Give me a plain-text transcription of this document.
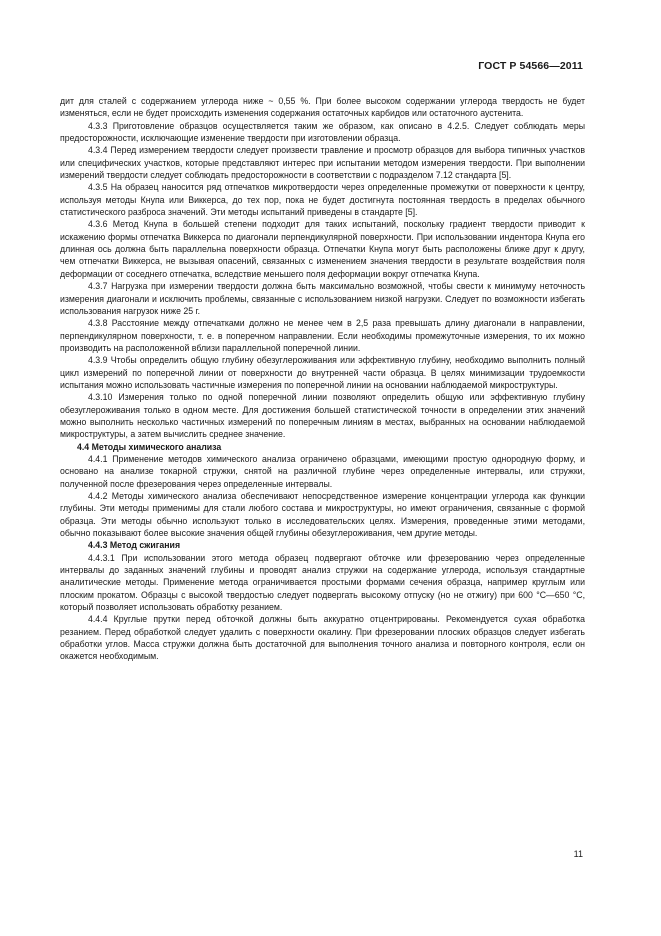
ГОСТ Р 54566—2011

дит для сталей с содержанием углерода ниже ~ 0,55 %. При более высоком содержании углерода твердость не будет изменяться, если не будет происходить изменения содержания остаточных карбидов или остаточного аустенита.

4.3.3 Приготовление образцов осуществляется таким же образом, как описано в 4.2.5. Следует соблюдать меры предосторожности, исключающие изменение твердости при изготовлении образца.

4.3.4 Перед измерением твердости следует произвести травление и просмотр образцов для выбора типичных участков или специфических участков, которые представляют интерес при испытании методом измерения твердости. При выполнении измерений твердости следует соблюдать предосторожности в соответствии с подразделом 7.12 стандарта [5].

4.3.5 На образец наносится ряд отпечатков микротвердости через определенные промежутки от поверхности к центру, используя методы Кнупа или Виккерса, до тех пор, пока не будет достигнута постоянная твердость в пределах обычного статистического разброса значений. Эти методы испытаний приведены в стандарте [5].

4.3.6 Метод Кнупа в большей степени подходит для таких испытаний, поскольку градиент твердости приводит к искажению формы отпечатка Виккерса по диагонали перпендикулярной поверхности. При использовании индентора Кнупа его длинная ось должна быть параллельна поверхности образца. Отпечатки Кнупа могут быть расположены ближе друг к другу, чем отпечатки Виккерса, не вызывая опасений, связанных с изменением значения твердости в результате воздействия поля деформации от соседнего отпечатка, вследствие меньшего поля деформации вокруг отпечатка Кнупа.

4.3.7 Нагрузка при измерении твердости должна быть максимально возможной, чтобы свести к минимуму неточность измерения диагонали и исключить проблемы, связанные с использованием низкой нагрузки. Следует по возможности избегать использования нагрузок ниже 25 г.

4.3.8 Расстояние между отпечатками должно не менее чем в 2,5 раза превышать длину диагонали в направлении, перпендикулярном поверхности, т. е. в поперечном направлении. Если необходимы промежуточные измерения, то их можно производить на расположенной вблизи параллельной поперечной линии.

4.3.9 Чтобы определить общую глубину обезуглероживания или эффективную глубину, необходимо выполнить полный цикл измерений по поперечной линии от поверхности до внутренней части образца. В целях минимизации трудоемкости испытания можно использовать частичные измерения по поперечной линии на основании наблюдаемой микроструктуры.

4.3.10 Измерения только по одной поперечной линии позволяют определить общую или эффективную глубину обезуглероживания только в одном месте. Для достижения большей статистической точности в определении этих значений можно выполнить несколько частичных измерений по поперечным линиям в местах, выбранных на основании наблюдаемой микроструктуры, а затем вычислить среднее значение.

4.4 Методы химического анализа

4.4.1 Применение методов химического анализа ограничено образцами, имеющими простую однородную форму, и основано на анализе токарной стружки, снятой на различной глубине через определенные интервалы, или стружки, полученной после фрезерования через определенные интервалы.

4.4.2 Методы химического анализа обеспечивают непосредственное измерение концентрации углерода как функции глубины. Эти методы применимы для стали любого состава и микроструктуры, но имеют ограничения, связанные с формой образца. Эти методы обычно используют только в исследовательских целях. Измерения, проведенные этими методами, обычно показывают более высокие значения общей глубины обезуглероживания, чем другие методы.

4.4.3 Метод сжигания

4.4.3.1 При использовании этого метода образец подвергают обточке или фрезерованию через определенные интервалы до заданных значений глубины и проводят анализ стружки на содержание углерода, используя стандартные аналитические методы. Применение метода ограничивается простыми формами сечения образца, например круглым или плоским прокатом. Образцы с высокой твердостью следует подвергать высокому отпуску (но не отжигу) при 600 °С—650 °С, который позволяет использовать обработку резанием.

4.4.4 Круглые прутки перед обточкой должны быть аккуратно отцентрированы. Рекомендуется сухая обработка резанием. Перед обработкой следует удалить с поверхности окалину. При фрезеровании плоских образцов следует избегать обработки углов. Масса стружки должна быть достаточной для выполнения точного анализа и повторного контроля, если он окажется необходимым.

11
